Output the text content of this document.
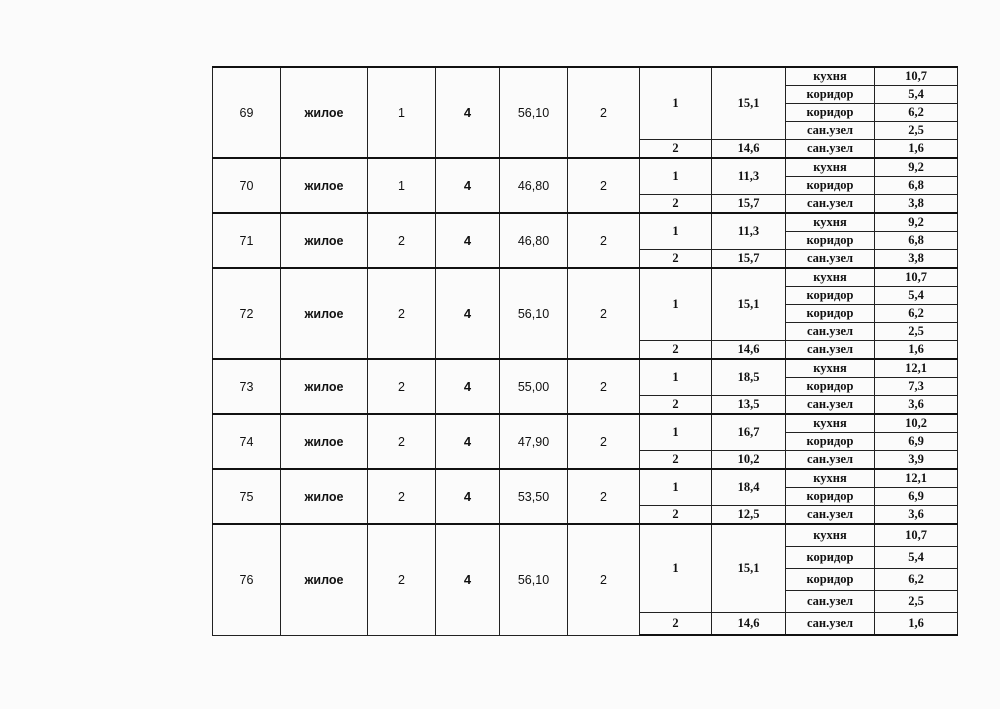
69	жилое	1	4	56,10	2	1	15,1	кухня	10,7
								коридор	5,4
								коридор	6,2
								сан.узел	2,5
						2	14,6	сан.узел	1,6
70	жилое	1	4	46,80	2	1	11,3	кухня	9,2
								коридор	6,8
						2	15,7	сан.узел	3,8
71	жилое	2	4	46,80	2	1	11,3	кухня	9,2
								коридор	6,8
						2	15,7	сан.узел	3,8
72	жилое	2	4	56,10	2	1	15,1	кухня	10,7
								коридор	5,4
								коридор	6,2
								сан.узел	2,5
						2	14,6	сан.узел	1,6
73	жилое	2	4	55,00	2	1	18,5	кухня	12,1
								коридор	7,3
						2	13,5	сан.узел	3,6
74	жилое	2	4	47,90	2	1	16,7	кухня	10,2
								коридор	6,9
						2	10,2	сан.узел	3,9
75	жилое	2	4	53,50	2	1	18,4	кухня	12,1
								коридор	6,9
						2	12,5	сан.узел	3,6
76	жилое	2	4	56,10	2	1	15,1	кухня	10,7
								коридор	5,4
								коридор	6,2
								сан.узел	2,5
						2	14,6	сан.узел	1,6
